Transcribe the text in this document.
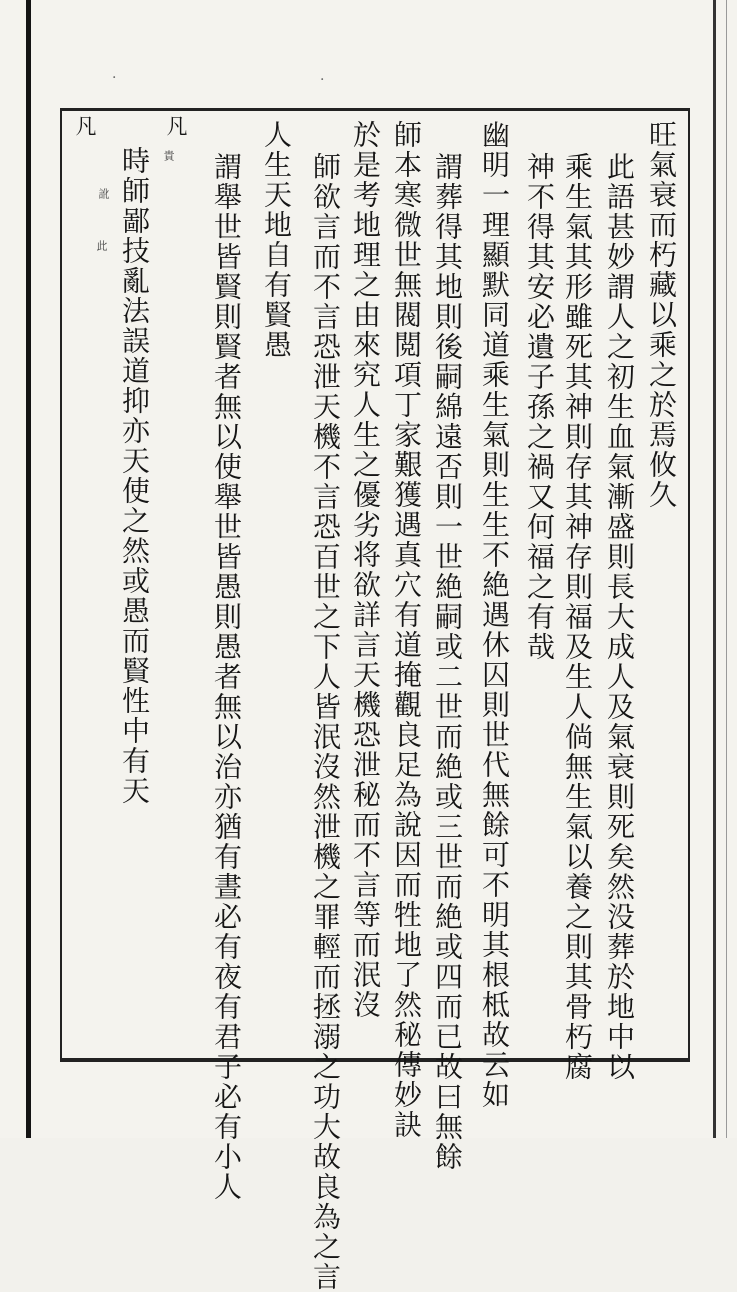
·	·
旺氣衰而朽藏以乘之於焉攸久
此語甚妙謂人之初生血氣漸盛則長大成人及氣衰則死矣然没葬於地中以
乘生氣其形雖死其神則存其神存則福及生人倘無生氣以養之則其骨朽腐
神不得其安必遺子孫之禍又何福之有哉
幽明一理顯默同道乘生氣則生生不絶遇休囚則世代無餘可不明其根柢故云如
謂葬得其地則後嗣綿遠否則一世絶嗣或二世而絶或三世而絶或四而已故曰無餘
師本寒微世無閥閲項丁家艱獲遇真穴有道掩觀良足為說因而牲地了然秘傳妙訣
於是考地理之由來究人生之優劣将欲詳言天機恐泄秘而不言等而泯沒
師欲言而不言恐泄天機不言恐百世之下人皆泯沒然泄機之罪輕而拯溺之功大故良為之言
人生天地自有賢愚
謂舉世皆賢則賢者無以使舉世皆愚則愚者無以治亦猶有晝必有夜有君子必有小人
時師鄙技亂法誤道抑亦天使之然或愚而賢性中有天
凡
凡
貴
訛
此
